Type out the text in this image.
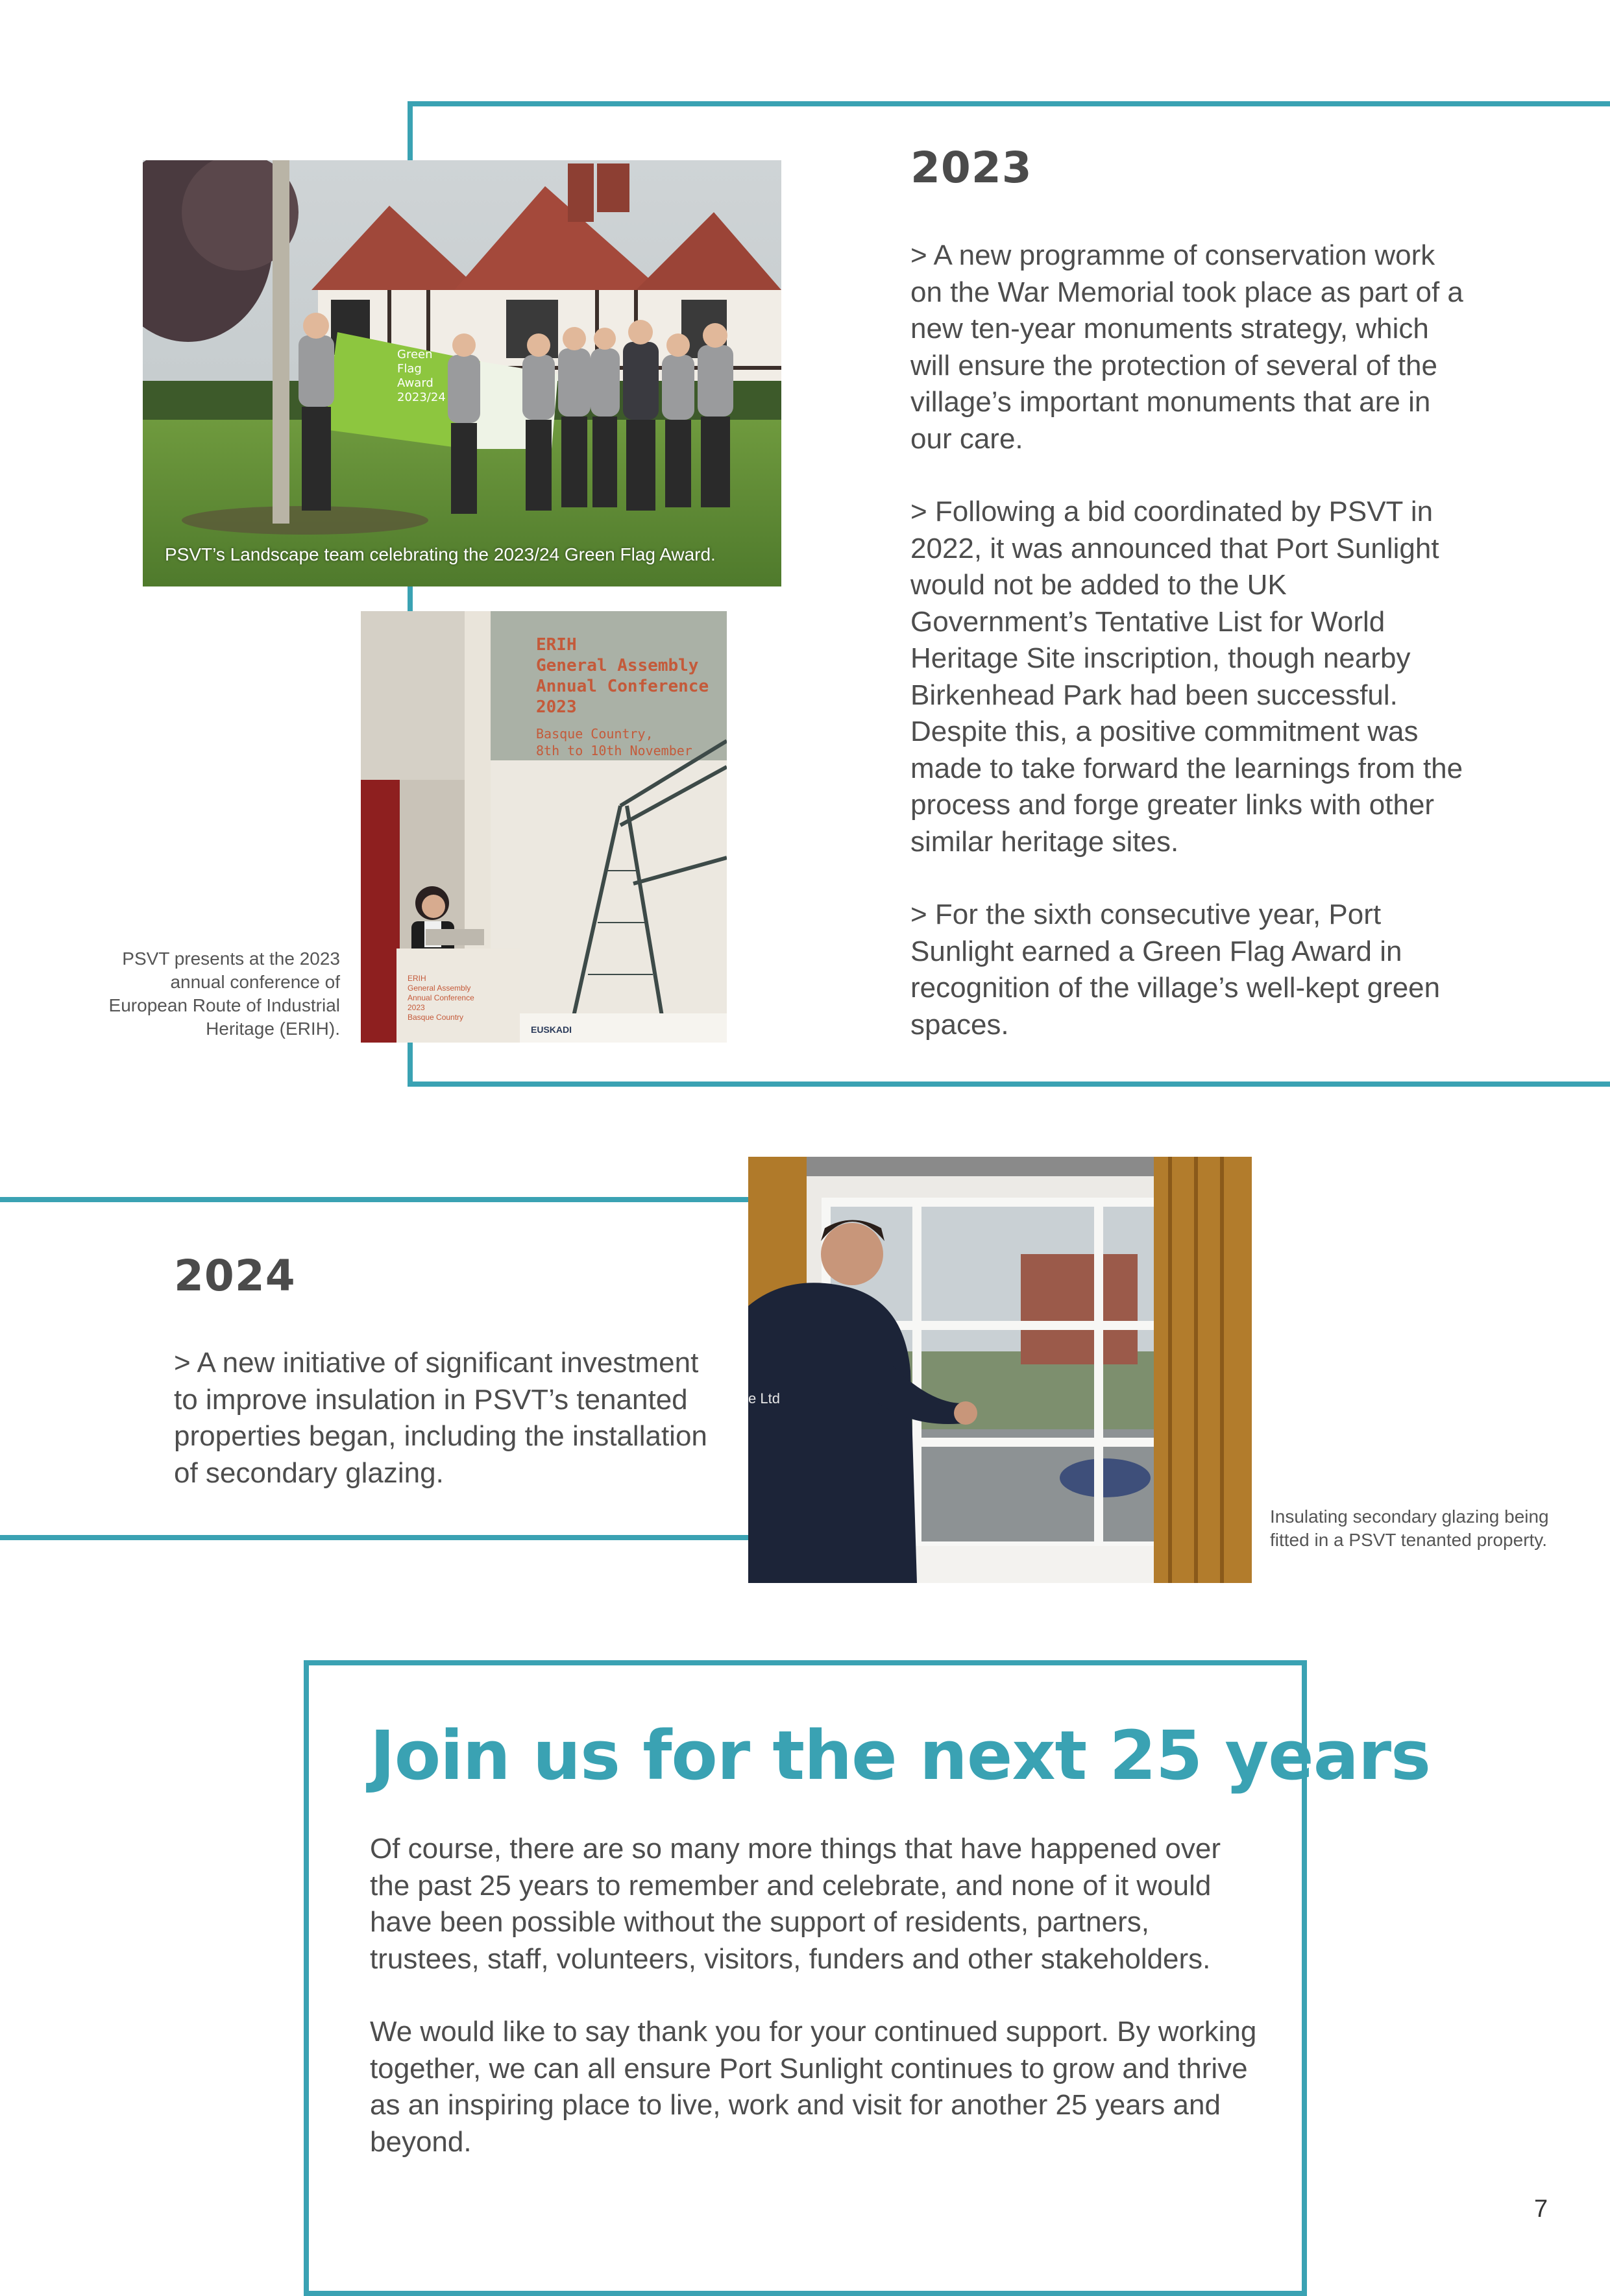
Green
Flag
Award
2023/24
PSVT’s Landscape team celebrating the 2023/24 Green Flag Award.
ERIH
General Assembly
Annual Conference
2023
Basque Country,
8th to 10th November
EUSKADI
ERIH
General Assembly
Annual Conference
2023
Basque Country
PSVT presents at the 2023 annual conference of European Route of Industrial Heritage (ERIH).
2023

> A new programme of conservation work on the War Memorial took place as part of a new ten-year monuments strategy, which will ensure the protection of several of the village’s important monuments that are in our care.

> Following a bid coordinated by PSVT in 2022, it was announced that Port Sunlight would not be added to the UK Government’s Tentative List for World Heritage Site inscription, though nearby Birkenhead Park had been successful. Despite this, a positive commitment was made to take forward the learnings from the process and forge greater links with other similar heritage sites.

> For the sixth consecutive year, Port Sunlight earned a Green Flag Award in recognition of the village’s well-kept green spaces.

2024

> A new initiative of significant investment to improve insulation in PSVT’s tenanted properties began, including the installation of secondary glazing.

e Ltd
Insulating secondary glazing being fitted in a PSVT tenanted property.
Join us for the next 25 years

Of course, there are so many more things that have happened over the past 25 years to remember and celebrate, and none of it would have been possible without the support of residents, partners, trustees, staff, volunteers, visitors, funders and other stakeholders.

We would like to say thank you for your continued support. By working together, we can all ensure Port Sunlight continues to grow and thrive as an inspiring place to live, work and visit for another 25 years and beyond.

7
